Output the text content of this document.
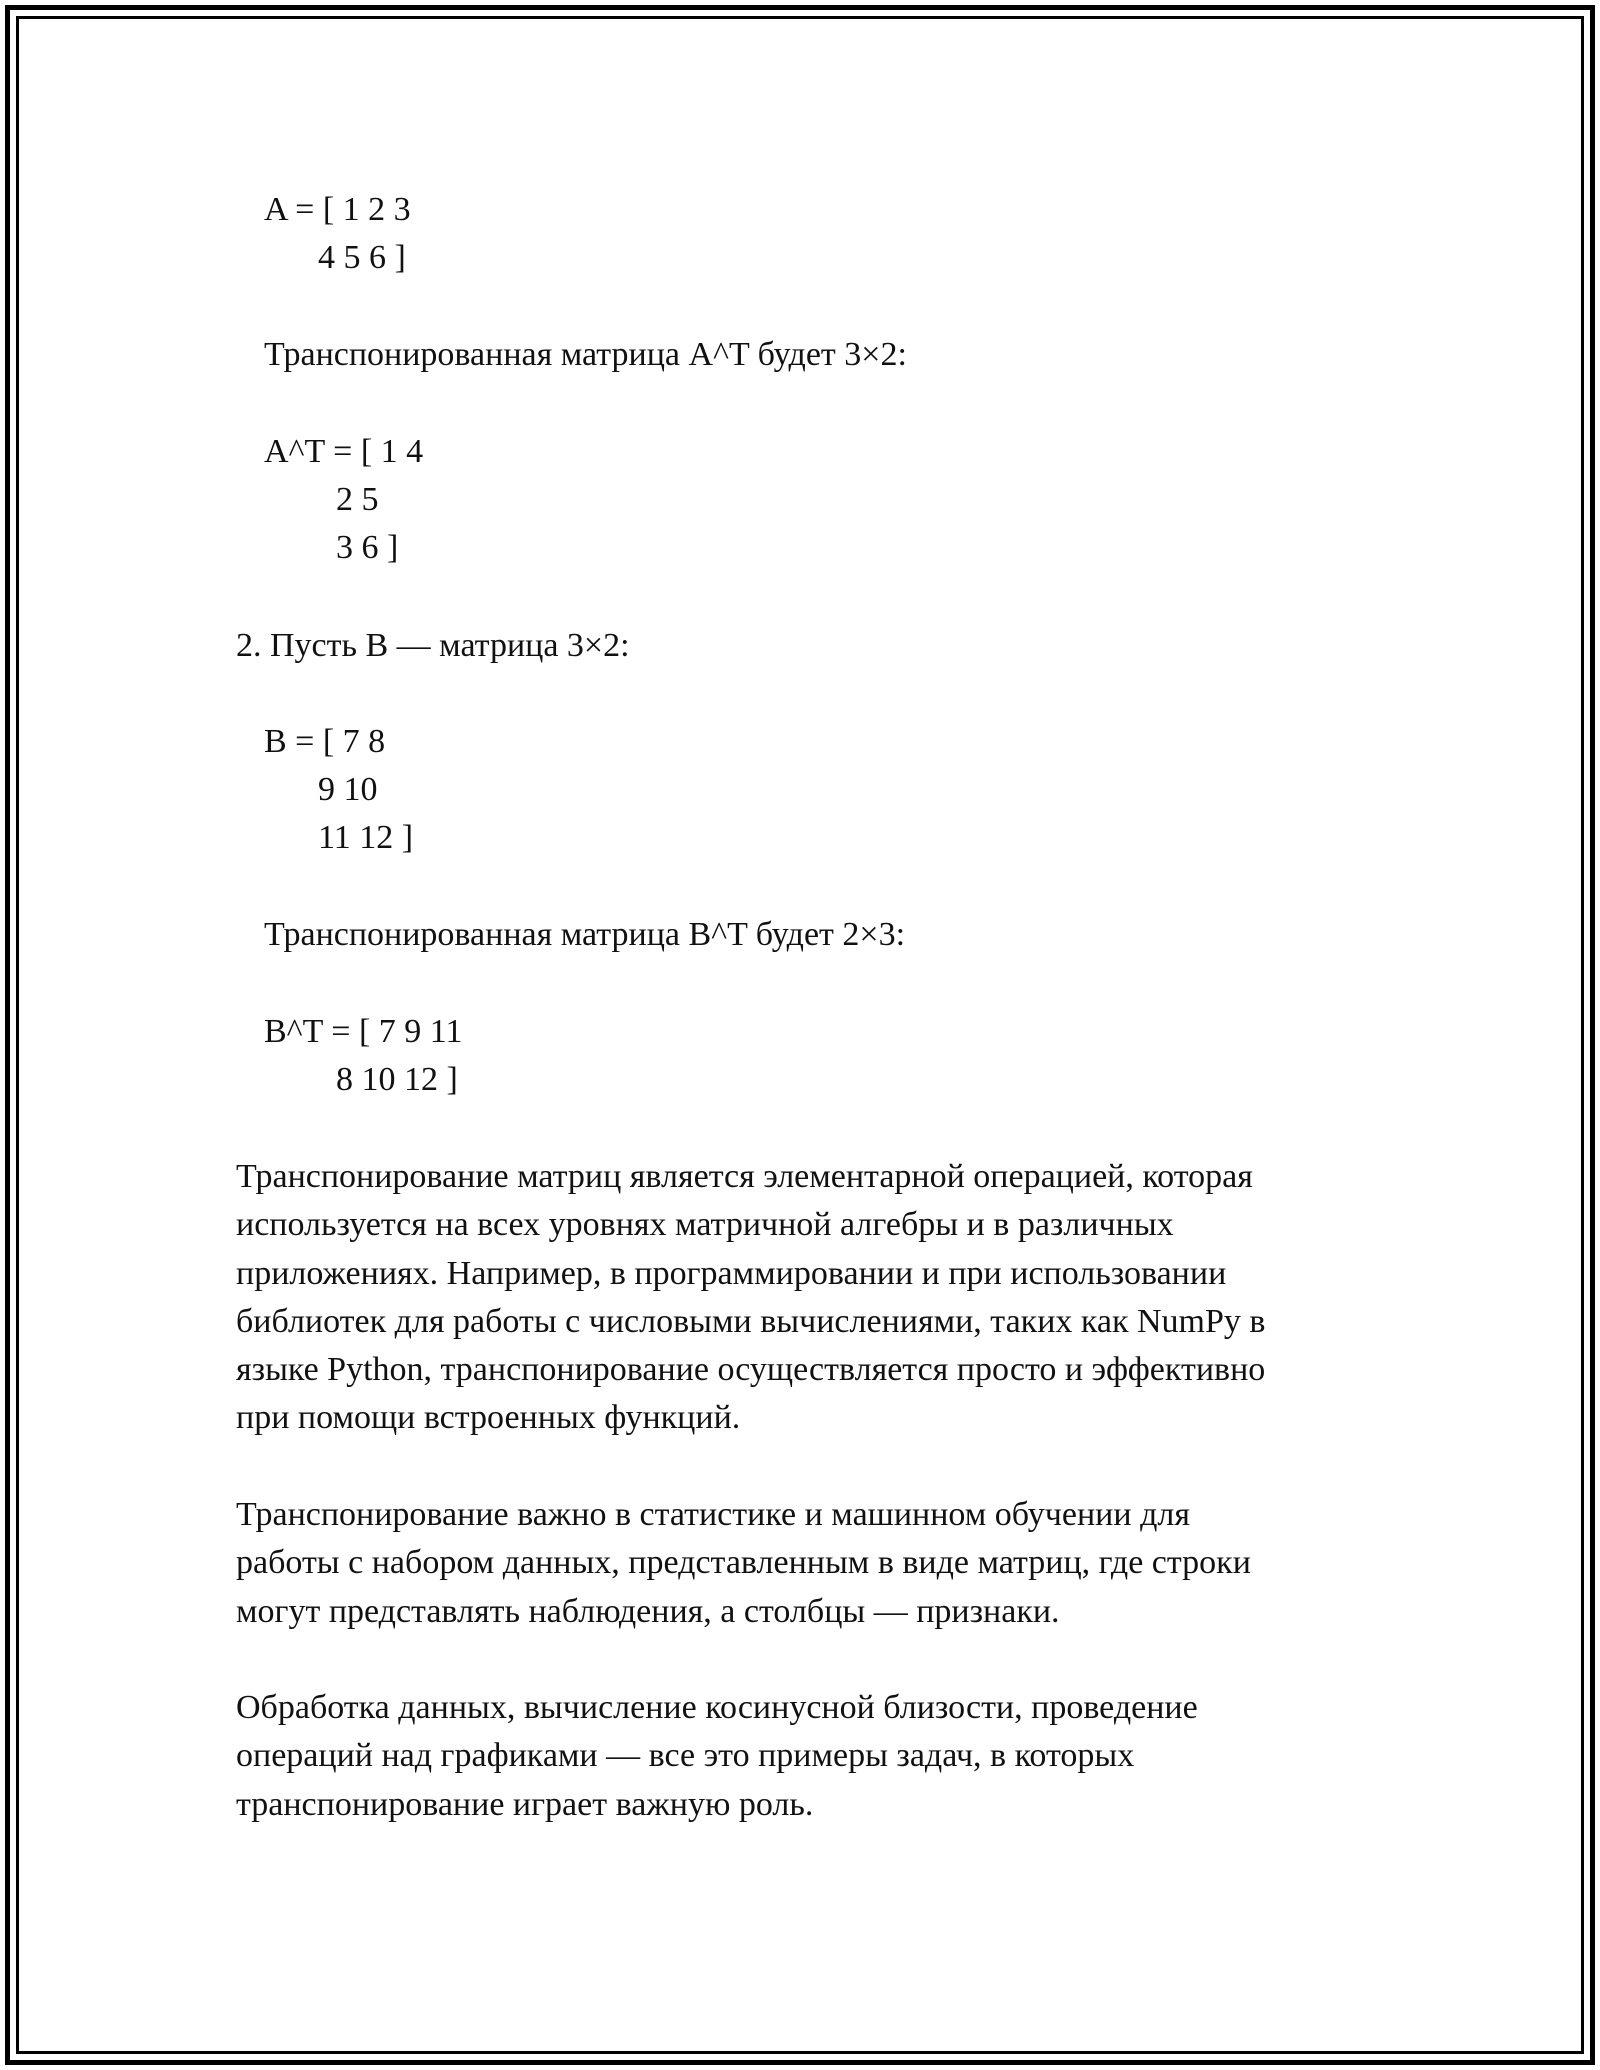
A = [ 1 2 3

4 5 6 ]

Транспонированная матрица A^T будет 3×2:

A^T = [ 1 4

2 5

3 6 ]

2. Пусть B — матрица 3×2:

B = [ 7 8

9 10

11 12 ]

Транспонированная матрица B^T будет 2×3:

B^T = [ 7 9 11

8 10 12 ]

Транспонирование матриц является элементарной операцией, которая
используется на всех уровнях матричной алгебры и в различных
приложениях. Например, в программировании и при использовании
библиотек для работы с числовыми вычислениями, таких как NumPy в
языке Python, транспонирование осуществляется просто и эффективно
при помощи встроенных функций.
Транспонирование важно в статистике и машинном обучении для
работы с набором данных, представленным в виде матриц, где строки
могут представлять наблюдения, а столбцы — признаки.
Обработка данных, вычисление косинусной близости, проведение
операций над графиками — все это примеры задач, в которых
транспонирование играет важную роль.
